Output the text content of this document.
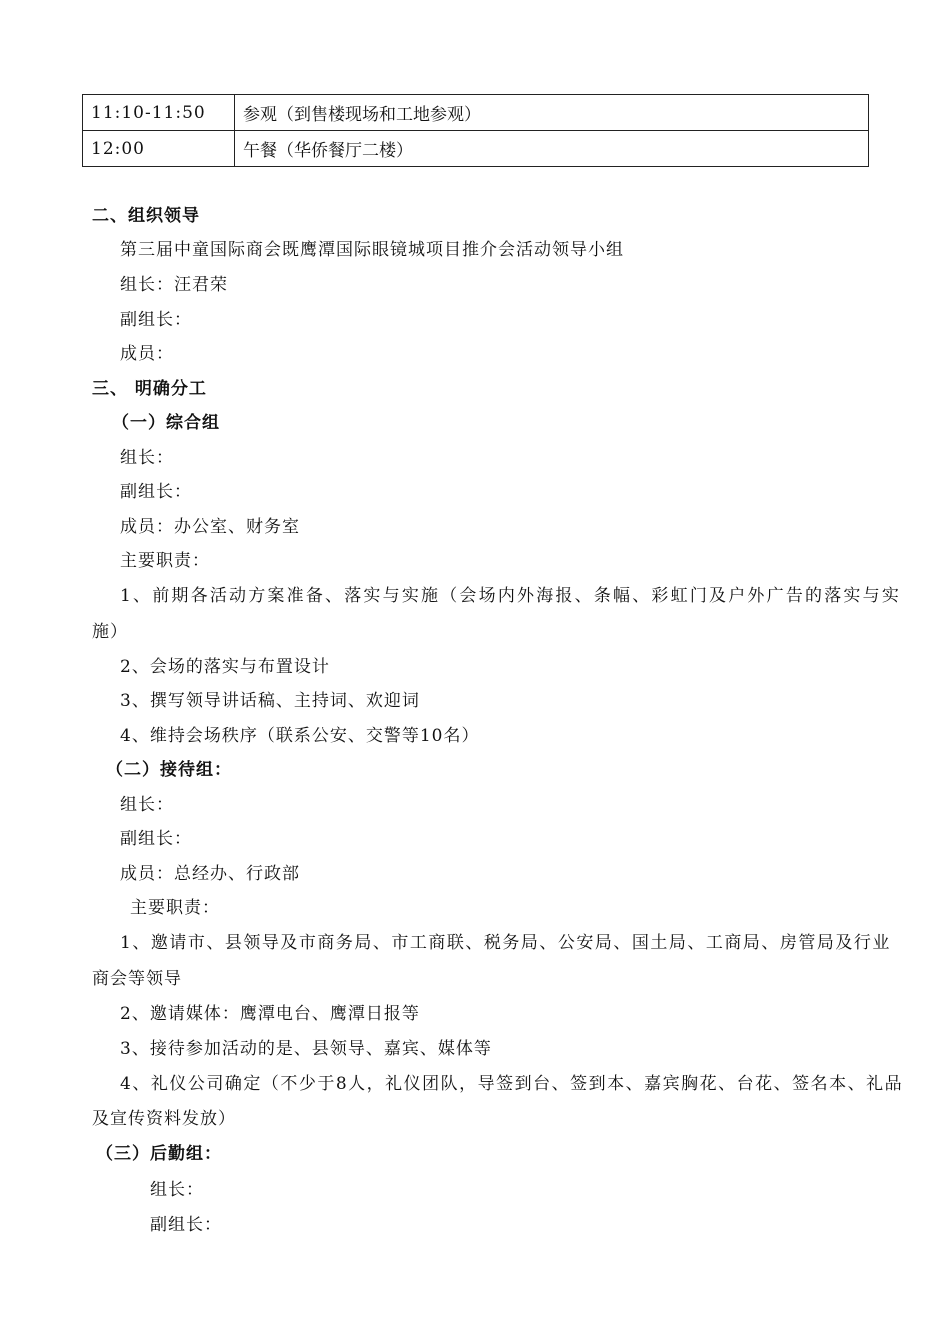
11:10-11:50	参观（到售楼现场和工地参观）
12:00	午餐（华侨餐厅二楼）
二、组织领导
第三届中童国际商会既鹰潭国际眼镜城项目推介会活动领导小组
组长：汪君荣
副组长：
成员：
三、 明确分工
（一）综合组
组长：
副组长：
成员：办公室、财务室
主要职责：
1、前期各活动方案准备、落实与实施（会场内外海报、条幅、彩虹门及户外广告的落实与实
施）
2、会场的落实与布置设计
3、撰写领导讲话稿、主持词、欢迎词
4、维持会场秩序（联系公安、交警等10名）
（二）接待组：
组长：
副组长：
成员：总经办、行政部
主要职责：
1、邀请市、县领导及市商务局、市工商联、税务局、公安局、国土局、工商局、房管局及行业
商会等领导
2、邀请媒体：鹰潭电台、鹰潭日报等
3、接待参加活动的是、县领导、嘉宾、媒体等
4、礼仪公司确定（不少于8人，礼仪团队，导签到台、签到本、嘉宾胸花、台花、签名本、礼品
及宣传资料发放）
（三）后勤组：
组长：
副组长：
